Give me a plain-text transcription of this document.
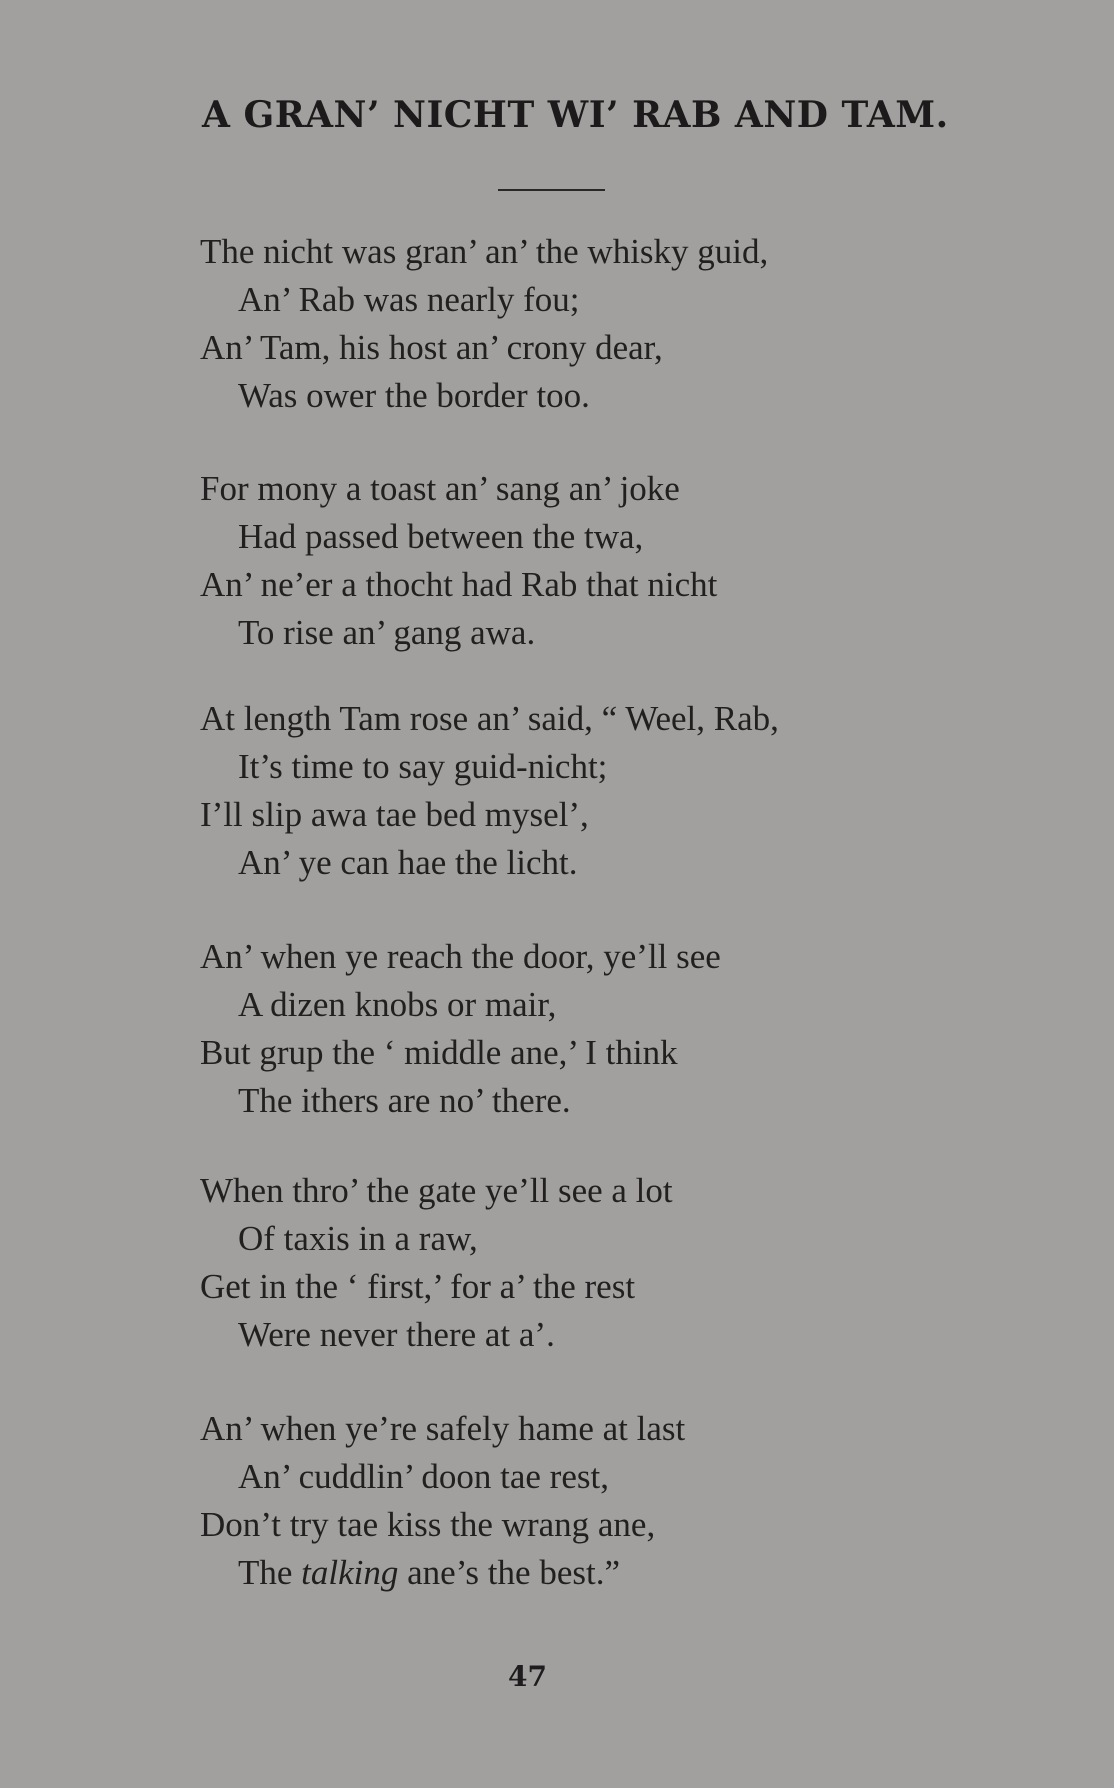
A GRAN’ NICHT WI’ RAB AND TAM.
The nicht was gran’ an’ the whisky guid,
An’ Rab was nearly fou;
An’ Tam, his host an’ crony dear,
Was ower the border too.
For mony a toast an’ sang an’ joke
Had passed between the twa,
An’ ne’er a thocht had Rab that nicht
To rise an’ gang awa.
At length Tam rose an’ said, “ Weel, Rab,
It’s time to say guid-nicht;
I’ll slip awa tae bed mysel’,
An’ ye can hae the licht.
An’ when ye reach the door, ye’ll see
A dizen knobs or mair,
But grup the ‘ middle ane,’ I think
The ithers are no’ there.
When thro’ the gate ye’ll see a lot
Of taxis in a raw,
Get in the ‘ first,’ for a’ the rest
Were never there at a’.
An’ when ye’re safely hame at last
An’ cuddlin’ doon tae rest,
Don’t try tae kiss the wrang ane,
The talking ane’s the best.”
47
